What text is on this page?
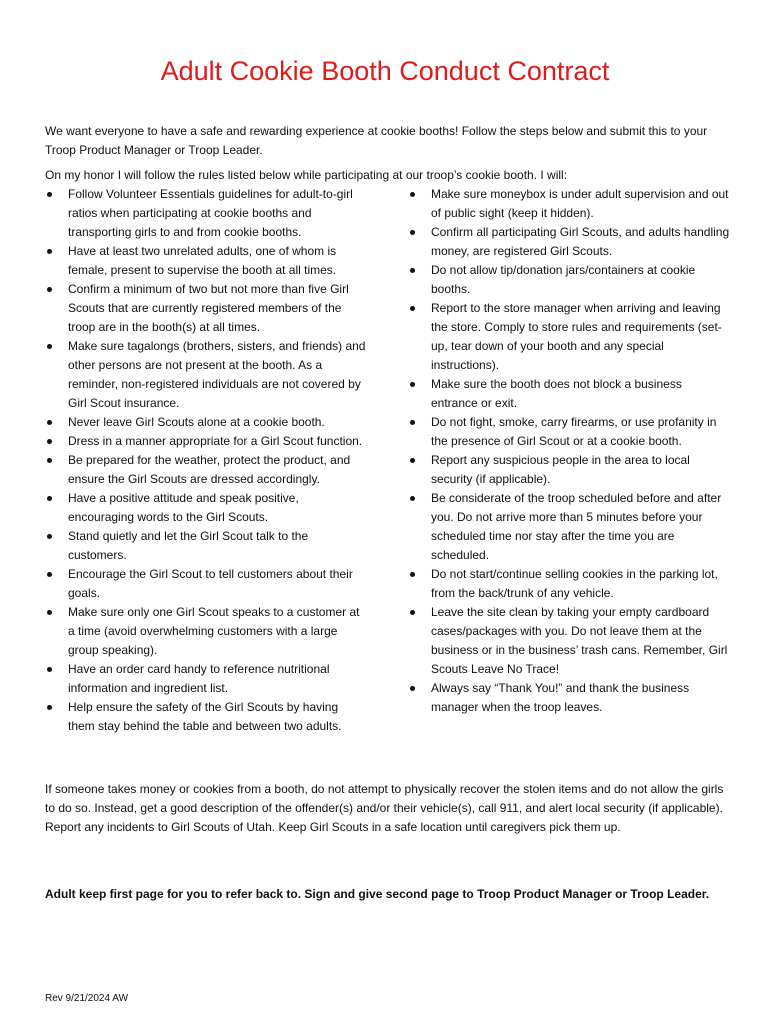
Adult Cookie Booth Conduct Contract
We want everyone to have a safe and rewarding experience at cookie booths! Follow the steps below and submit this to your Troop Product Manager or Troop Leader.
On my honor I will follow the rules listed below while participating at our troop’s cookie booth. I will:
Follow Volunteer Essentials guidelines for adult-to-girl ratios when participating at cookie booths and transporting girls to and from cookie booths.
Have at least two unrelated adults, one of whom is female, present to supervise the booth at all times.
Confirm a minimum of two but not more than five Girl Scouts that are currently registered members of the troop are in the booth(s) at all times.
Make sure tagalongs (brothers, sisters, and friends) and other persons are not present at the booth. As a reminder, non-registered individuals are not covered by Girl Scout insurance.
Never leave Girl Scouts alone at a cookie booth.
Dress in a manner appropriate for a Girl Scout function.
Be prepared for the weather, protect the product, and ensure the Girl Scouts are dressed accordingly.
Have a positive attitude and speak positive, encouraging words to the Girl Scouts.
Stand quietly and let the Girl Scout talk to the customers.
Encourage the Girl Scout to tell customers about their goals.
Make sure only one Girl Scout speaks to a customer at a time (avoid overwhelming customers with a large group speaking).
Have an order card handy to reference nutritional information and ingredient list.
Help ensure the safety of the Girl Scouts by having them stay behind the table and between two adults.
Make sure moneybox is under adult supervision and out of public sight (keep it hidden).
Confirm all participating Girl Scouts, and adults handling money, are registered Girl Scouts.
Do not allow tip/donation jars/containers at cookie booths.
Report to the store manager when arriving and leaving the store. Comply to store rules and requirements (set-up, tear down of your booth and any special instructions).
Make sure the booth does not block a business entrance or exit.
Do not fight, smoke, carry firearms, or use profanity in the presence of Girl Scout or at a cookie booth.
Report any suspicious people in the area to local security (if applicable).
Be considerate of the troop scheduled before and after you. Do not arrive more than 5 minutes before your scheduled time nor stay after the time you are scheduled.
Do not start/continue selling cookies in the parking lot, from the back/trunk of any vehicle.
Leave the site clean by taking your empty cardboard cases/packages with you. Do not leave them at the business or in the business’ trash cans. Remember, Girl Scouts Leave No Trace!
Always say “Thank You!” and thank the business manager when the troop leaves.
If someone takes money or cookies from a booth, do not attempt to physically recover the stolen items and do not allow the girls to do so. Instead, get a good description of the offender(s) and/or their vehicle(s), call 911, and alert local security (if applicable). Report any incidents to Girl Scouts of Utah. Keep Girl Scouts in a safe location until caregivers pick them up.
Adult keep first page for you to refer back to. Sign and give second page to Troop Product Manager or Troop Leader.
Rev 9/21/2024 AW
